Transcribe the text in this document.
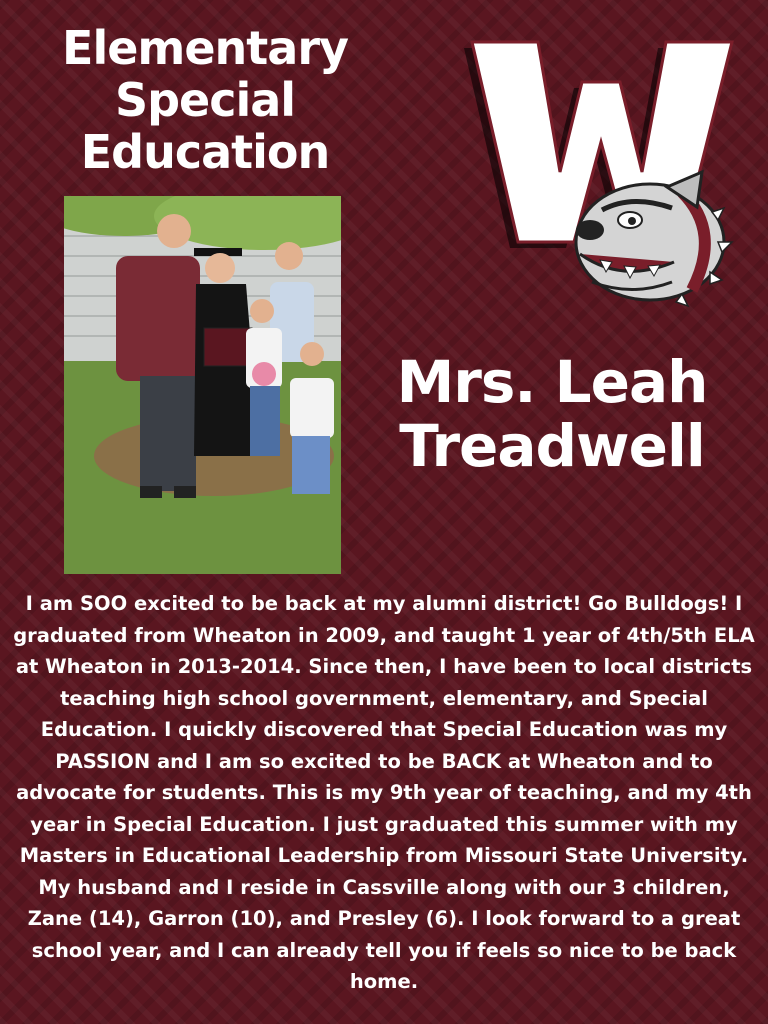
Elementary
Special
Education
Mrs. Leah
Treadwell
I am SOO excited to be back at my alumni district! Go Bulldogs! I graduated from Wheaton in 2009, and taught 1 year of 4th/5th ELA at Wheaton in 2013-2014. Since then, I have been to local districts teaching high school government, elementary, and Special Education. I quickly discovered that Special Education was my PASSION and I am so excited to be BACK at Wheaton and to advocate for students. This is my 9th year of teaching, and my 4th year in Special Education. I just graduated this summer with my Masters in Educational Leadership from Missouri State University. My husband and I reside in Cassville along with our 3 children, Zane (14), Garron (10), and Presley (6). I look forward to a great school year, and I can already tell you if feels so nice to be back home.
